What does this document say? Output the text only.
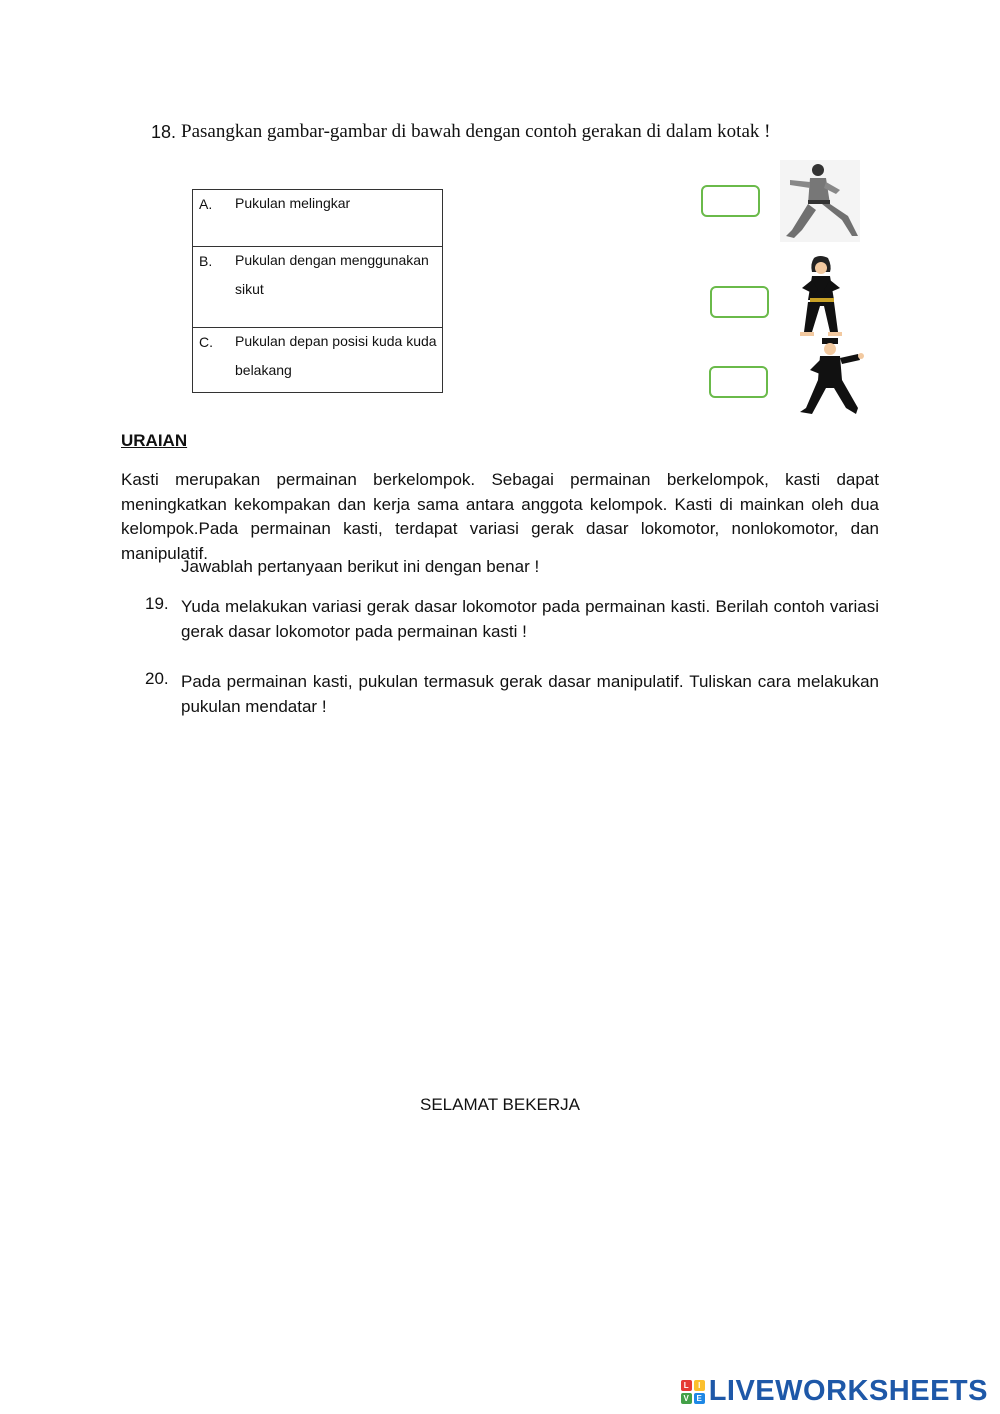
18. Pasangkan gambar-gambar di bawah dengan contoh gerakan di dalam kotak !
A.	Pukulan melingkar

B.	Pukulan dengan menggunakan sikut

C.	Pukulan depan posisi kuda kuda belakang
URAIAN
Kasti merupakan permainan berkelompok. Sebagai permainan berkelompok, kasti dapat meningkatkan kekompakan dan kerja sama antara anggota kelompok. Kasti di mainkan oleh dua kelompok.Pada permainan kasti, terdapat variasi gerak dasar lokomotor, nonlokomotor, dan manipulatif.
Jawablah pertanyaan berikut ini dengan benar !
19. Yuda melakukan variasi gerak dasar lokomotor pada permainan kasti. Berilah contoh variasi gerak dasar lokomotor pada permainan kasti !
20. Pada permainan kasti, pukulan termasuk gerak dasar manipulatif. Tuliskan cara melakukan pukulan mendatar !
SELAMAT BEKERJA
L	I
V E LIVEWORKSHEETS
